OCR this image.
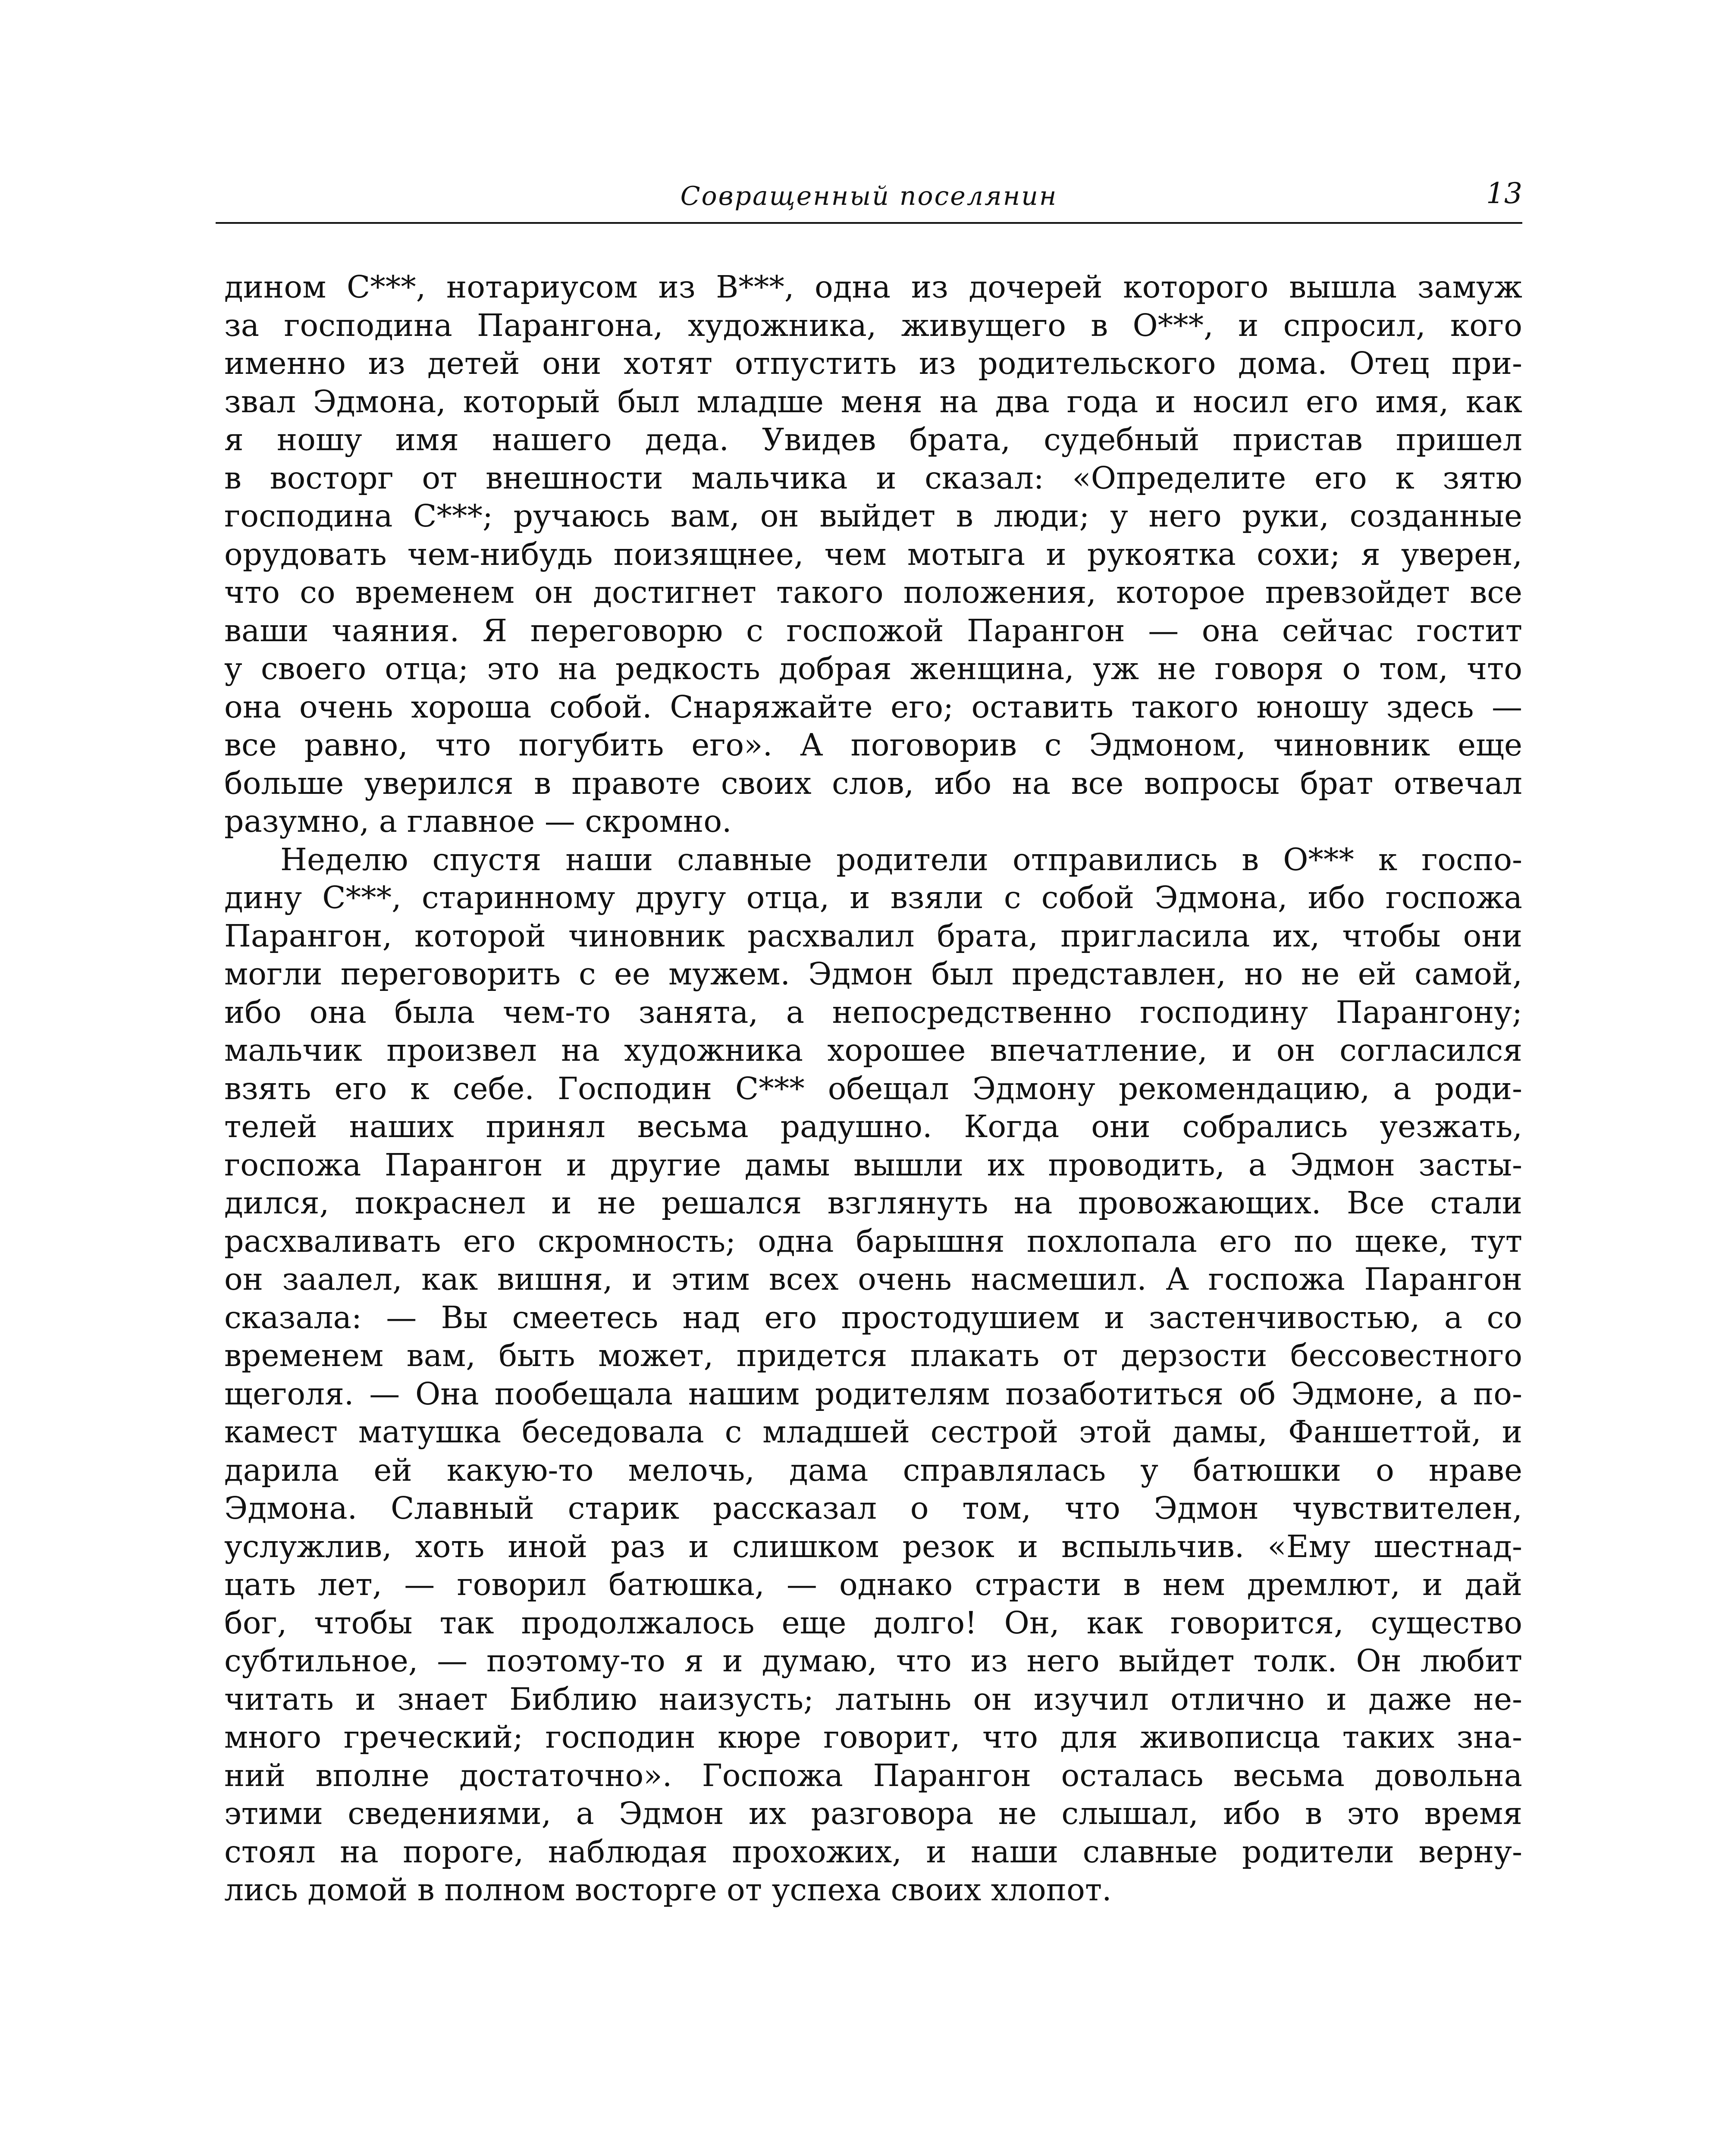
Совращенный поселянин	13
дином С***, нотариусом из В***, одна из дочерей которого вышла замуж
за господина Парангона, художника, живущего в О***, и спросил, кого
именно из детей они хотят отпустить из родительского дома. Отец при-
звал Эдмона, который был младше меня на два года и носил его имя, как
я ношу имя нашего деда. Увидев брата, судебный пристав пришел
в восторг от внешности мальчика и сказал: «Определите его к зятю
господина С***; ручаюсь вам, он выйдет в люди; у него руки, созданные
орудовать чем-нибудь поизящнее, чем мотыга и рукоятка сохи; я уверен,
что со временем он достигнет такого положения, которое превзойдет все
ваши чаяния. Я переговорю с госпожой Парангон — она сейчас гостит
у своего отца; это на редкость добрая женщина, уж не говоря о том, что
она очень хороша собой. Снаряжайте его; оставить такого юношу здесь —
все равно, что погубить его». А поговорив с Эдмоном, чиновник еще
больше уверился в правоте своих слов, ибо на все вопросы брат отвечал
разумно, а главное — скромно.
Неделю спустя наши славные родители отправились в О*** к госпо-
дину С***, старинному другу отца, и взяли с собой Эдмона, ибо госпожа
Парангон, которой чиновник расхвалил брата, пригласила их, чтобы они
могли переговорить с ее мужем. Эдмон был представлен, но не ей самой,
ибо она была чем-то занята, а непосредственно господину Парангону;
мальчик произвел на художника хорошее впечатление, и он согласился
взять его к себе. Господин С*** обещал Эдмону рекомендацию, а роди-
телей наших принял весьма радушно. Когда они собрались уезжать,
госпожа Парангон и другие дамы вышли их проводить, а Эдмон засты-
дился, покраснел и не решался взглянуть на провожающих. Все стали
расхваливать его скромность; одна барышня похлопала его по щеке, тут
он заалел, как вишня, и этим всех очень насмешил. А госпожа Парангон
сказала: — Вы смеетесь над его простодушием и застенчивостью, а со
временем вам, быть может, придется плакать от дерзости бессовестного
щеголя. — Она пообещала нашим родителям позаботиться об Эдмоне, а по-
камест матушка беседовала с младшей сестрой этой дамы, Фаншеттой, и
дарила ей какую-то мелочь, дама справлялась у батюшки о нраве
Эдмона. Славный старик рассказал о том, что Эдмон чувствителен,
услужлив, хоть иной раз и слишком резок и вспыльчив. «Ему шестнад-
цать лет, — говорил батюшка, — однако страсти в нем дремлют, и дай
бог, чтобы так продолжалось еще долго! Он, как говорится, существо
субтильное, — поэтому-то я и думаю, что из него выйдет толк. Он любит
читать и знает Библию наизусть; латынь он изучил отлично и даже не-
много греческий; господин кюре говорит, что для живописца таких зна-
ний вполне достаточно». Госпожа Парангон осталась весьма довольна
этими сведениями, а Эдмон их разговора не слышал, ибо в это время
стоял на пороге, наблюдая прохожих, и наши славные родители верну-
лись домой в полном восторге от успеха своих хлопот.
